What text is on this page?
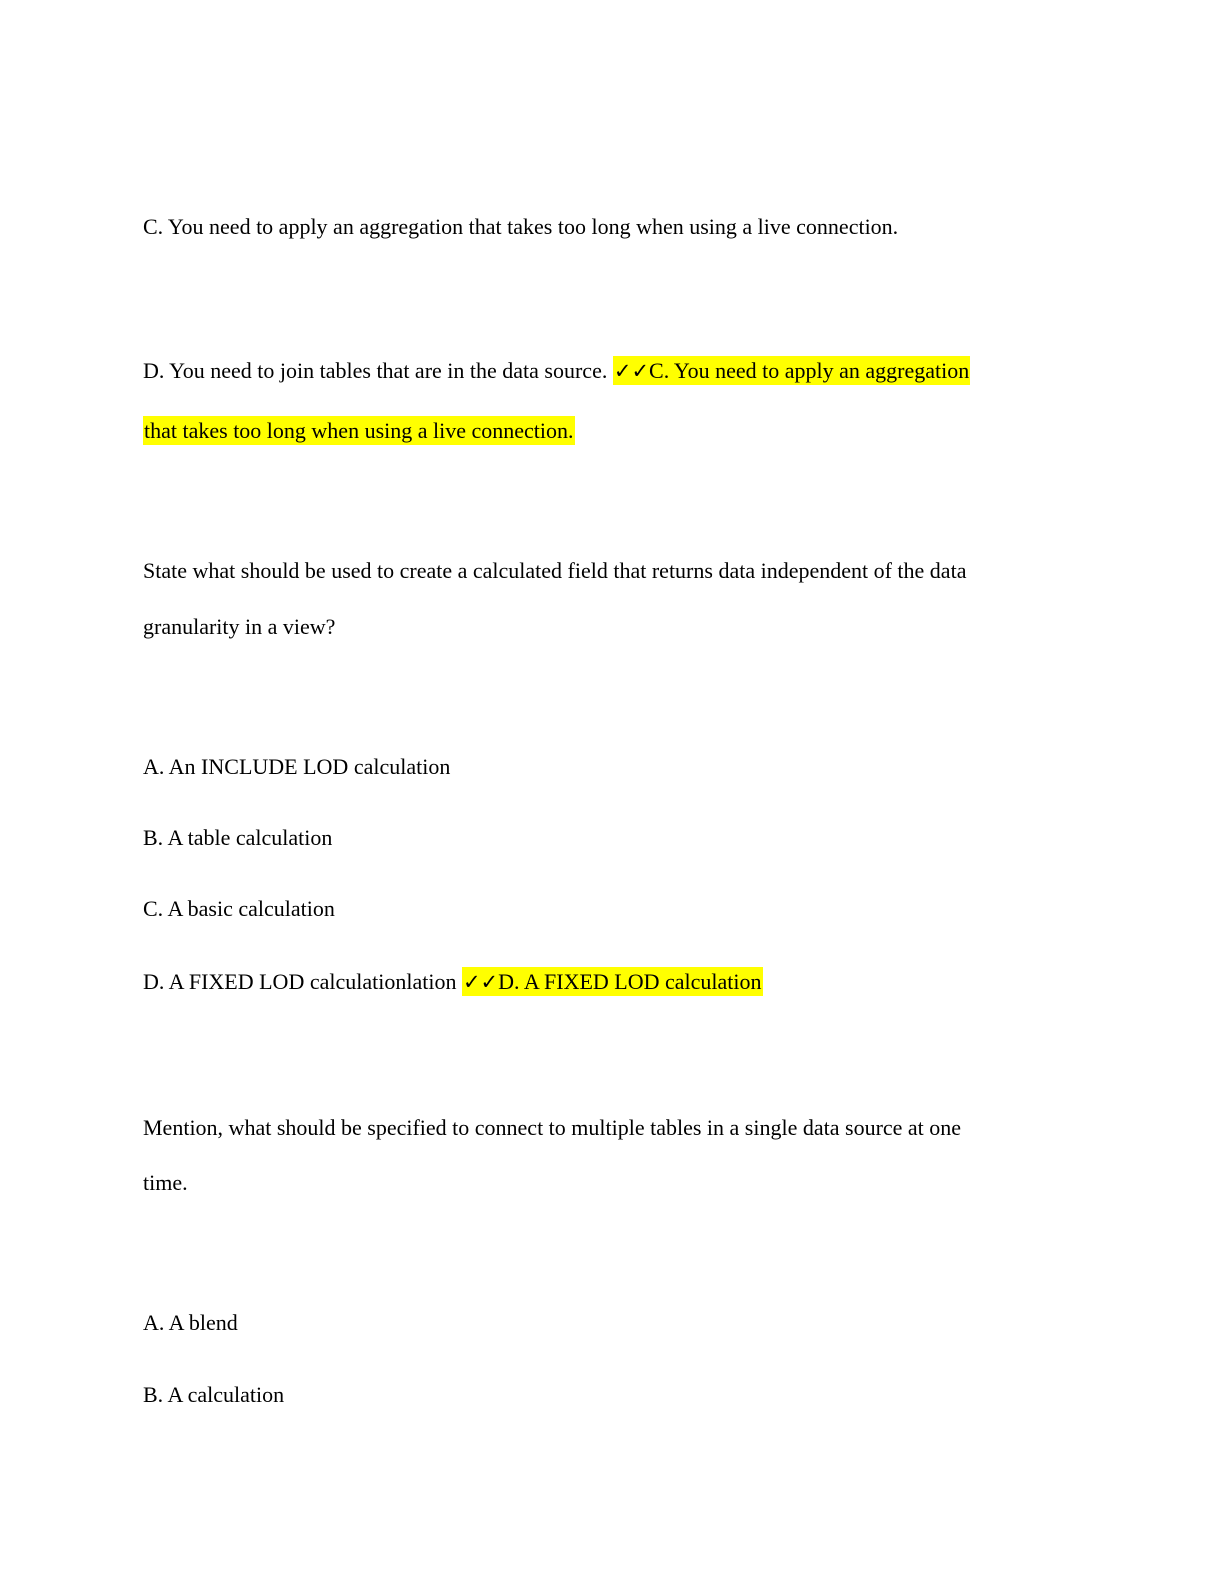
C. You need to apply an aggregation that takes too long when using a live connection.
D. You need to join tables that are in the data source. ✓✓C. You need to apply an aggregation
that takes too long when using a live connection.
State what should be used to create a calculated field that returns data independent of the data
granularity in a view?
A. An INCLUDE LOD calculation
B. A table calculation
C. A basic calculation
D. A FIXED LOD calculationlation ✓✓D. A FIXED LOD calculation
Mention, what should be specified to connect to multiple tables in a single data source at one
time.
A. A blend
B. A calculation
